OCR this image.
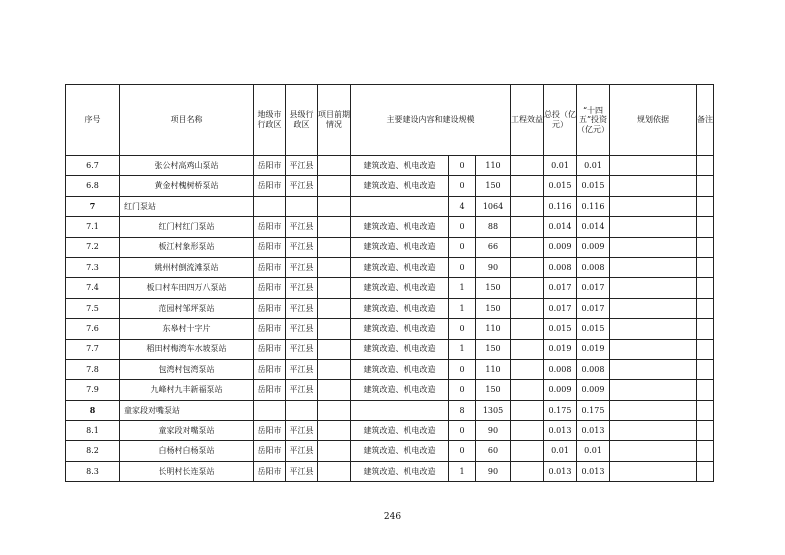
序号	项目名称	地级市行政区	县级行政区	项目前期情况	主要建设内容和建设规模			工程效益	总投（亿元）	“十四五”投资（亿元）	规划依据	备注
6.7	张公村高鸡山泵站	岳阳市	平江县		建筑改造、机电改造	0	110		0.01	0.01		
6.8	黄金村槐树桥泵站	岳阳市	平江县		建筑改造、机电改造	0	150		0.015	0.015		
7	红门泵站					4	1064		0.116	0.116		
7.1	红门村红门泵站	岳阳市	平江县		建筑改造、机电改造	0	88		0.014	0.014		
7.2	板江村象形泵站	岳阳市	平江县		建筑改造、机电改造	0	66		0.009	0.009		
7.3	姚州村倒流滩泵站	岳阳市	平江县		建筑改造、机电改造	0	90		0.008	0.008		
7.4	板口村车田四万八泵站	岳阳市	平江县		建筑改造、机电改造	1	150		0.017	0.017		
7.5	范园村邹坪泵站	岳阳市	平江县		建筑改造、机电改造	1	150		0.017	0.017		
7.6	东皋村十字片	岳阳市	平江县		建筑改造、机电改造	0	110		0.015	0.015		
7.7	稻田村梅湾车水坡泵站	岳阳市	平江县		建筑改造、机电改造	1	150		0.019	0.019		
7.8	包湾村包湾泵站	岳阳市	平江县		建筑改造、机电改造	0	110		0.008	0.008		
7.9	九峰村九丰新福泵站	岳阳市	平江县		建筑改造、机电改造	0	150		0.009	0.009		
8	童家段对嘴泵站					8	1305		0.175	0.175		
8.1	童家段对嘴泵站	岳阳市	平江县		建筑改造、机电改造	0	90		0.013	0.013		
8.2	白杨村白杨泵站	岳阳市	平江县		建筑改造、机电改造	0	60		0.01	0.01		
8.3	长明村长连泵站	岳阳市	平江县		建筑改造、机电改造	1	90		0.013	0.013		
246
